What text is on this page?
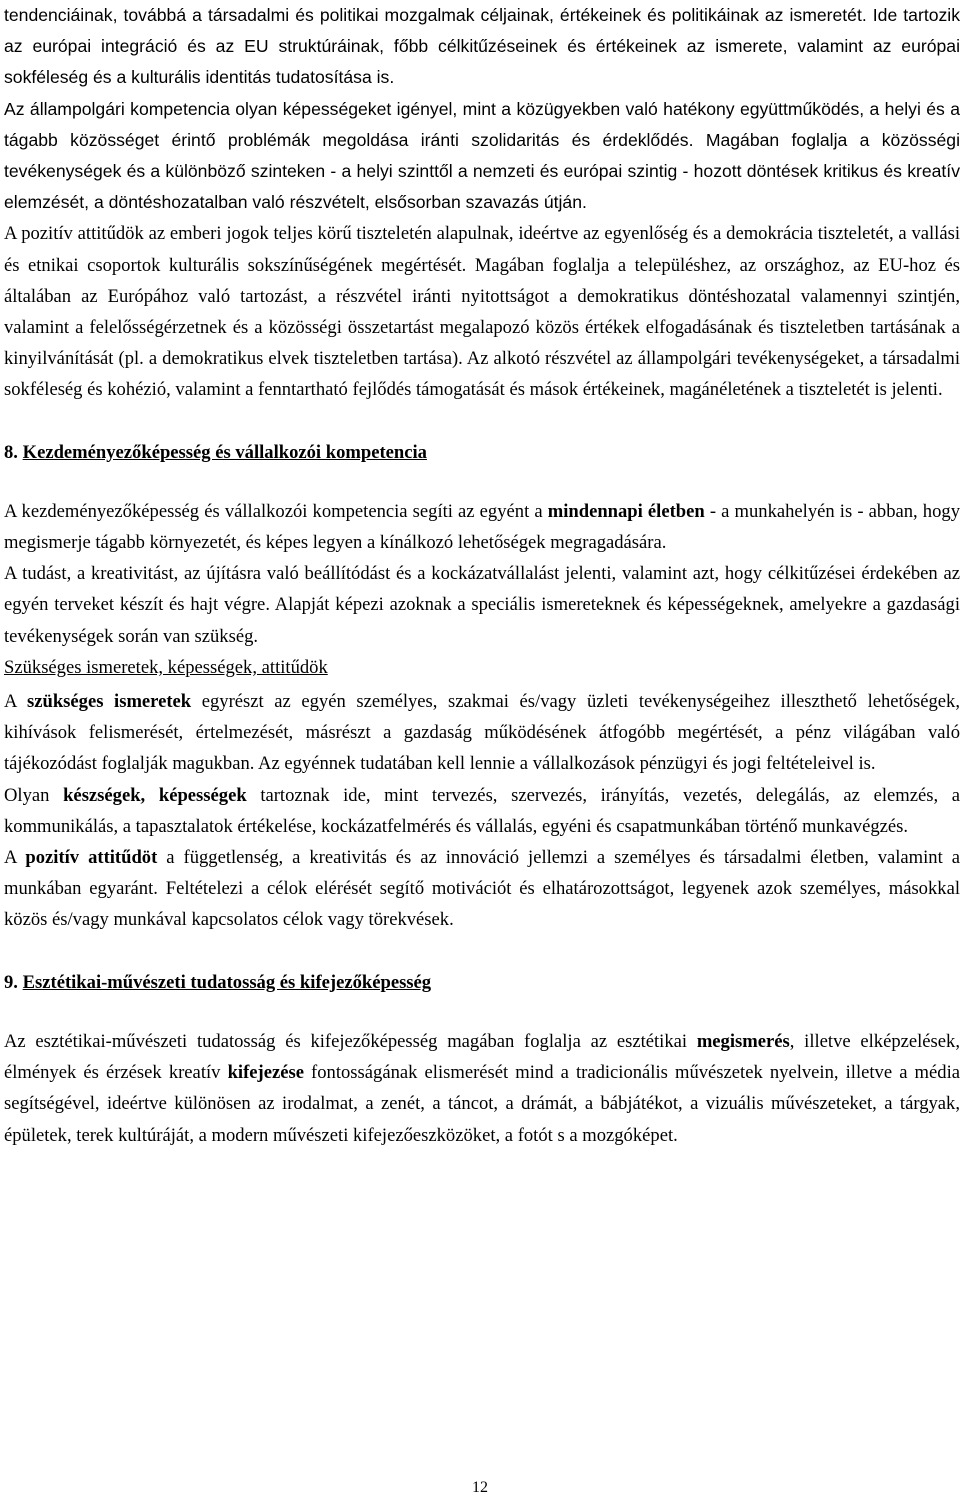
tendenciáinak, továbbá a társadalmi és politikai mozgalmak céljainak, értékeinek és politikáinak az ismeretét. Ide tartozik az európai integráció és az EU struktúráinak, főbb célkitűzéseinek és értékeinek az ismerete, valamint az európai sokféleség és a kulturális identitás tudatosítása is.

Az állampolgári kompetencia olyan képességeket igényel, mint a közügyekben való hatékony együttműködés, a helyi és a tágabb közösséget érintő problémák megoldása iránti szolidaritás és érdeklődés. Magában foglalja a közösségi tevékenységek és a különböző szinteken - a helyi szinttől a nemzeti és európai szintig - hozott döntések kritikus és kreatív elemzését, a döntéshozatalban való részvételt, elsősorban szavazás útján.

A pozitív attitűdök az emberi jogok teljes körű tiszteletén alapulnak, ideértve az egyenlőség és a demokrácia tiszteletét, a vallási és etnikai csoportok kulturális sokszínűségének megértését. Magában foglalja a településhez, az országhoz, az EU-hoz és általában az Európához való tartozást, a részvétel iránti nyitottságot a demokratikus döntéshozatal valamennyi szintjén, valamint a felelősségérzetnek és a közösségi összetartást megalapozó közös értékek elfogadásának és tiszteletben tartásának a kinyilvánítását (pl. a demokratikus elvek tiszteletben tartása). Az alkotó részvétel az állampolgári tevékenységeket, a társadalmi sokféleség és kohézió, valamint a fenntartható fejlődés támogatását és mások értékeinek, magánéletének a tiszteletét is jelenti.

8. Kezdeményezőképesség és vállalkozói kompetencia

A kezdeményezőképesség és vállalkozói kompetencia segíti az egyént a mindennapi életben - a munkahelyén is - abban, hogy megismerje tágabb környezetét, és képes legyen a kínálkozó lehetőségek megragadására.

A tudást, a kreativitást, az újításra való beállítódást és a kockázatvállalást jelenti, valamint azt, hogy célkitűzései érdekében az egyén terveket készít és hajt végre. Alapját képezi azoknak a speciális ismereteknek és képességeknek, amelyekre a gazdasági tevékenységek során van szükség.

Szükséges ismeretek, képességek, attitűdök

A szükséges ismeretek egyrészt az egyén személyes, szakmai és/vagy üzleti tevékenységeihez illeszthető lehetőségek, kihívások felismerését, értelmezését, másrészt a gazdaság működésének átfogóbb megértését, a pénz világában való tájékozódást foglalják magukban. Az egyénnek tudatában kell lennie a vállalkozások pénzügyi és jogi feltételeivel is.

Olyan készségek, képességek tartoznak ide, mint tervezés, szervezés, irányítás, vezetés, delegálás, az elemzés, a kommunikálás, a tapasztalatok értékelése, kockázatfelmérés és vállalás, egyéni és csapatmunkában történő munkavégzés.

A pozitív attitűdöt a függetlenség, a kreativitás és az innováció jellemzi a személyes és társadalmi életben, valamint a munkában egyaránt. Feltételezi a célok elérését segítő motivációt és elhatározottságot, legyenek azok személyes, másokkal közös és/vagy munkával kapcsolatos célok vagy törekvések.

9. Esztétikai-művészeti tudatosság és kifejezőképesség

Az esztétikai-művészeti tudatosság és kifejezőképesség magában foglalja az esztétikai megismerés, illetve elképzelések, élmények és érzések kreatív kifejezése fontosságának elismerését mind a tradicionális művészetek nyelvein, illetve a média segítségével, ideértve különösen az irodalmat, a zenét, a táncot, a drámát, a bábjátékot, a vizuális művészeteket, a tárgyak, épületek, terek kultúráját, a modern művészeti kifejezőeszközöket, a fotót s a mozgóképet.

12
